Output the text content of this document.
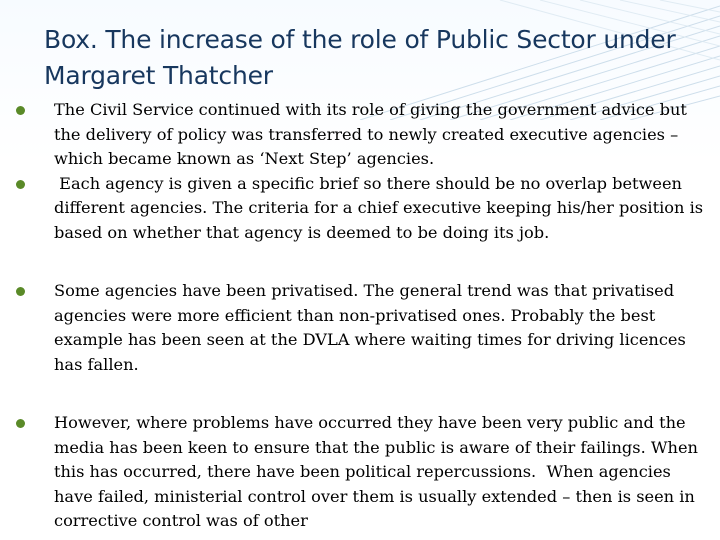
Box. The increase of the role of Public Sector under Margaret Thatcher
The Civil Service continued with its role of giving the government advice but the delivery of policy was transferred to newly created executive agencies – which became known as ‘Next Step’ agencies.
Each agency is given a specific brief so there should be no overlap between different agencies. The criteria for a chief executive keeping his/her position is based on whether that agency is deemed to be doing its job.
Some agencies have been privatised. The general trend was that privatised agencies were more efficient than non-privatised ones. Probably the best example has been seen at the DVLA where waiting times for driving licences has fallen.
However, where problems have occurred they have been very public and the media has been keen to ensure that the public is aware of their failings. When this has occurred, there have been political repercussions.  When agencies have failed, ministerial control over them is usually extended – then is seen in corrective control was of other
